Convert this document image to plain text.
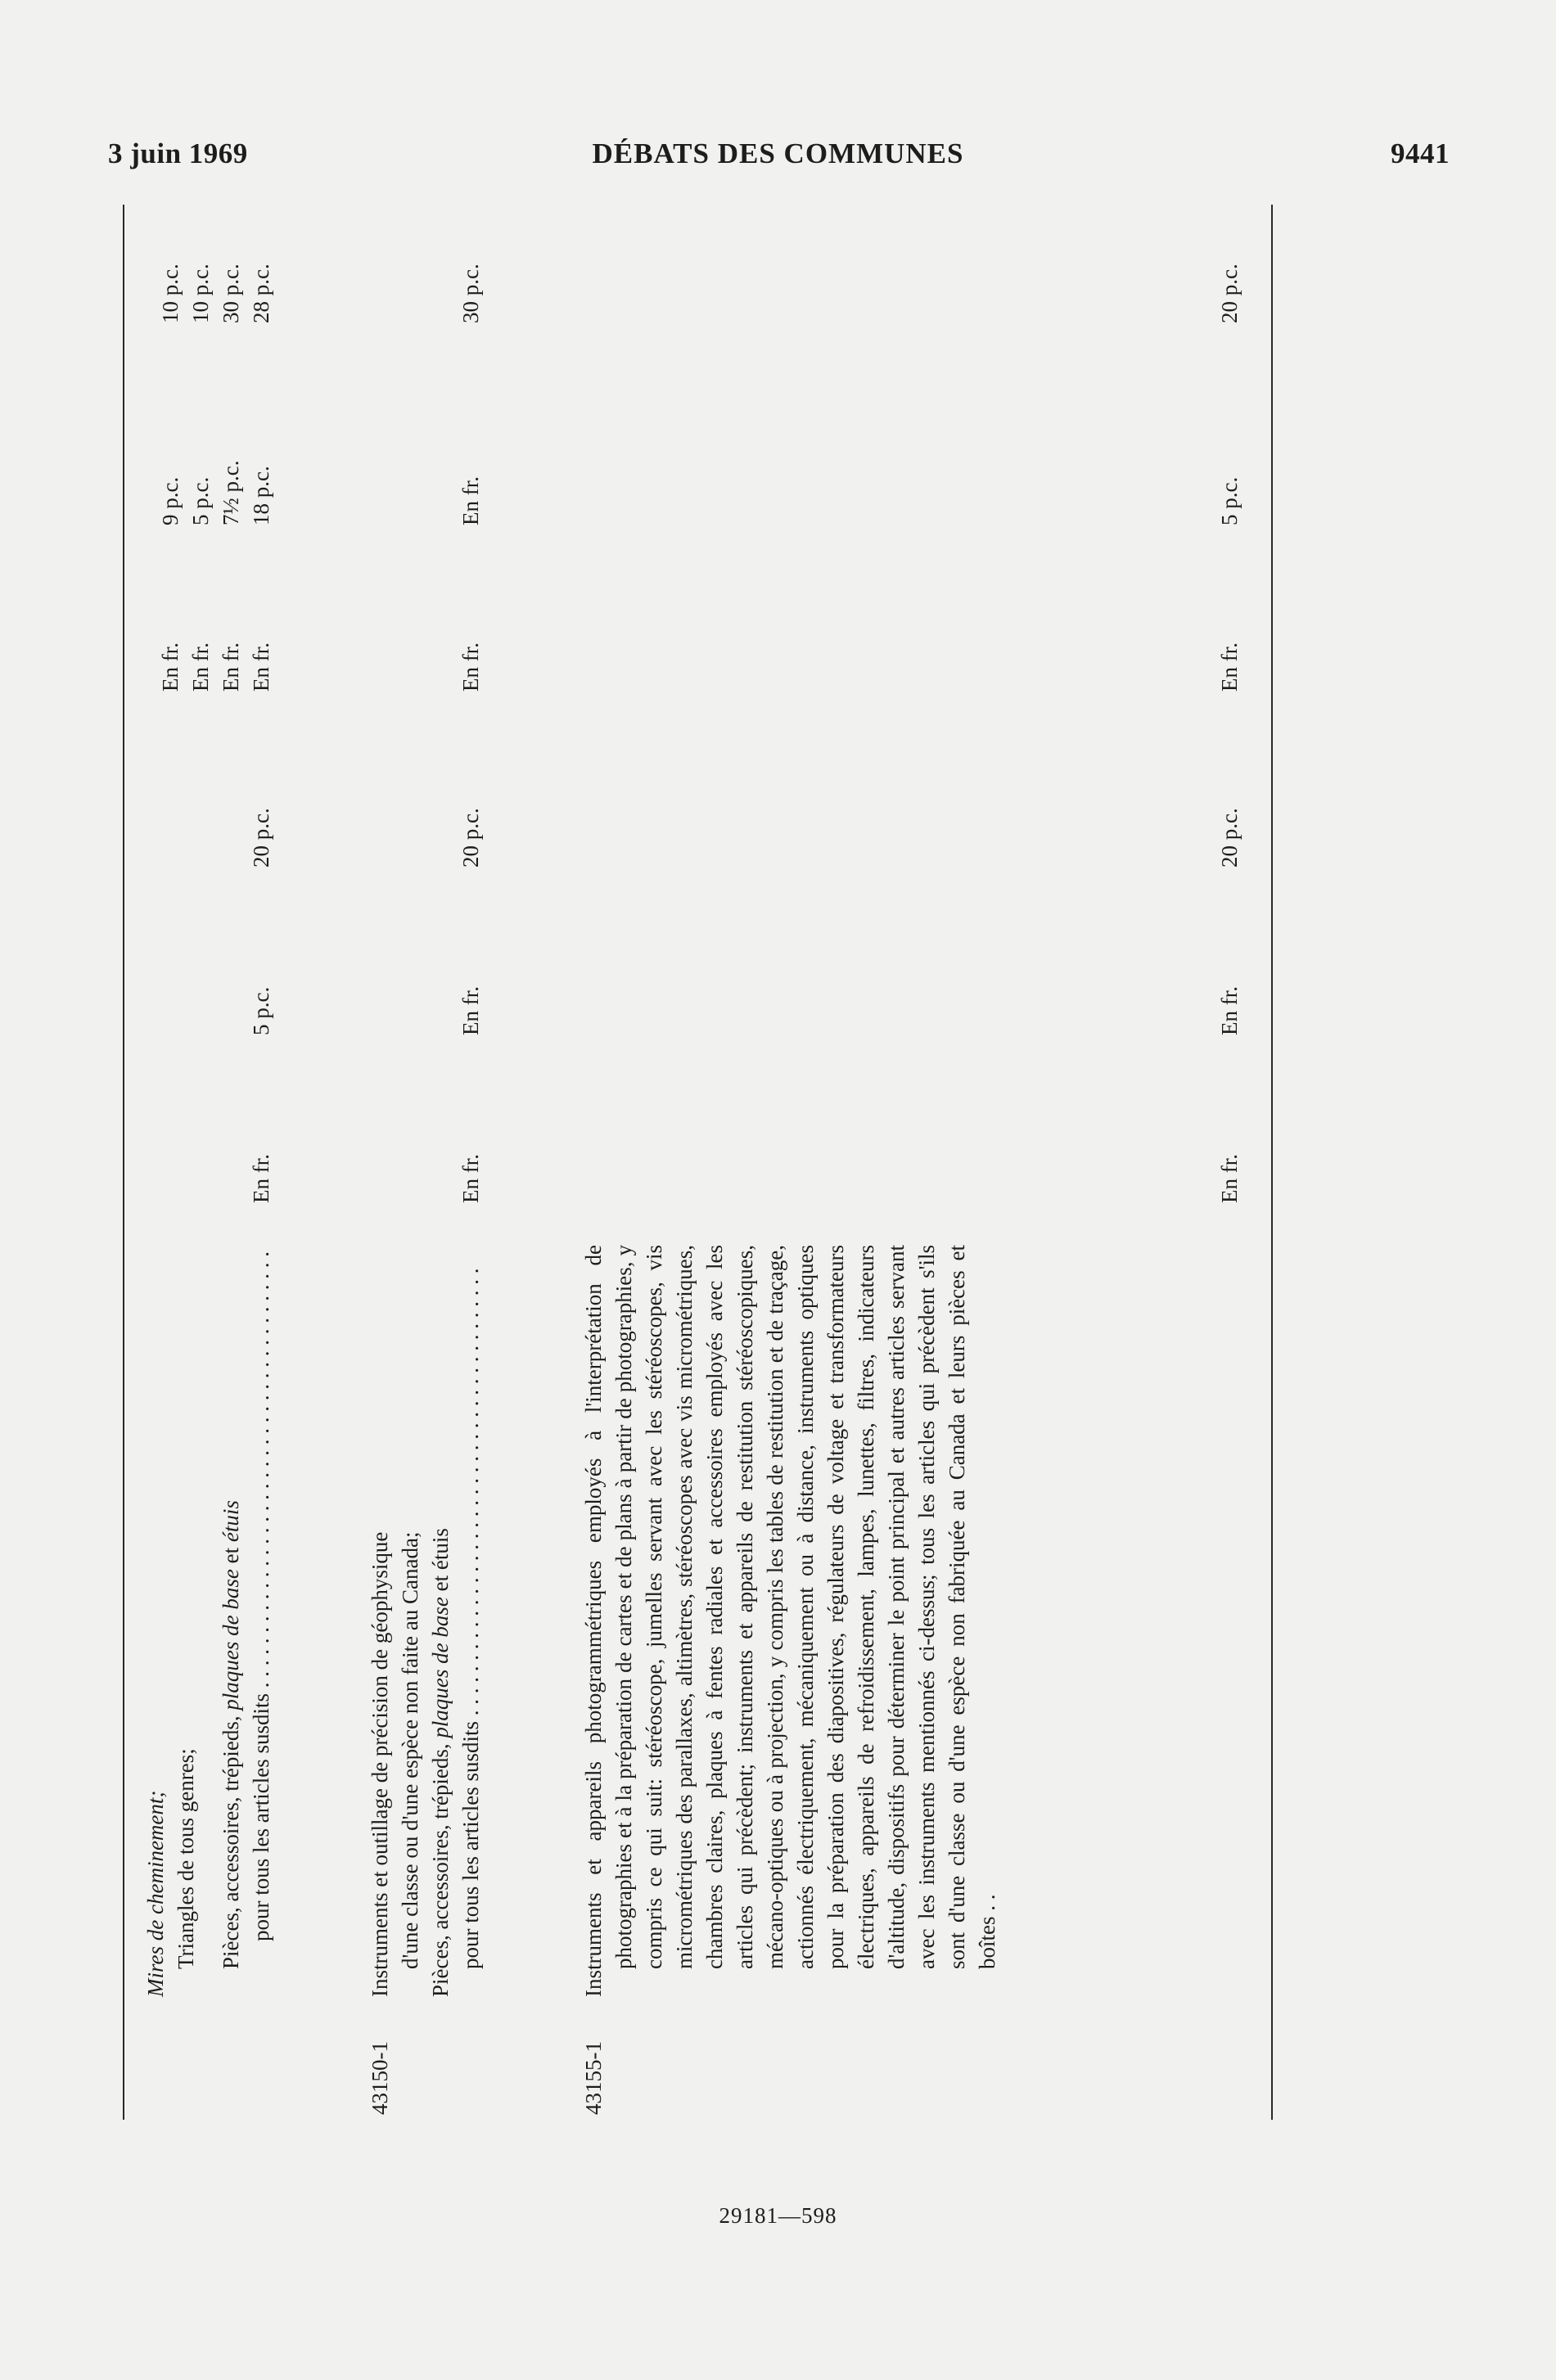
3 juin 1969	DÉBATS DES COMMUNES	9441
Mires de cheminement; Triangles de tous genres; Pièces, accessoires, trépieds, plaques de base et étuis
pour tous les articles susdits . . .
En fr.
5 p.c.
20 p.c.
En fr. En fr. En fr. En fr.
9 p.c. 5 p.c. 7½ p.c. 18 p.c.
10 p.c. 10 p.c. 30 p.c. 28 p.c.
43150-1
Instruments et outillage de précision de géophysique d'une classe ou d'une espèce non faite au Canada; Pièces, accessoires, trépieds, plaques de base et étuis
pour tous les articles susdits . . .
En fr.
En fr.
20 p.c.
En fr.
En fr.
30 p.c.
43155-1
Instruments et appareils photogrammétriques employés à l'interprétation de photographies et à la préparation de cartes et de plans à partir de photographies, y compris ce qui suit: stéréoscope, jumelles servant avec les stéréoscopes, vis micrométriques des parallaxes, altimètres, stéréoscopes avec vis micrométriques, chambres claires, plaques à fentes radiales et accessoires employés avec les articles qui précèdent; instruments et appareils de restitution stéréoscopiques, mécano-optiques ou à projection, y compris les tables de restitution et de traçage, actionnés électriquement, mécaniquement ou à distance, instruments optiques pour la préparation des diapositives, régulateurs de voltage et transformateurs électriques, appareils de refroidissement, lampes, lunettes, filtres, indicateurs d'altitude, dispositifs pour déterminer le point principal et autres articles servant avec les instruments mentionnés ci-dessus; tous les articles qui précèdent s'ils sont d'une classe ou d'une espèce non fabriquée au Canada et leurs pièces et boîtes . .
En fr.
En fr.
20 p.c.
En fr.
5 p.c.
20 p.c.
29181—598
